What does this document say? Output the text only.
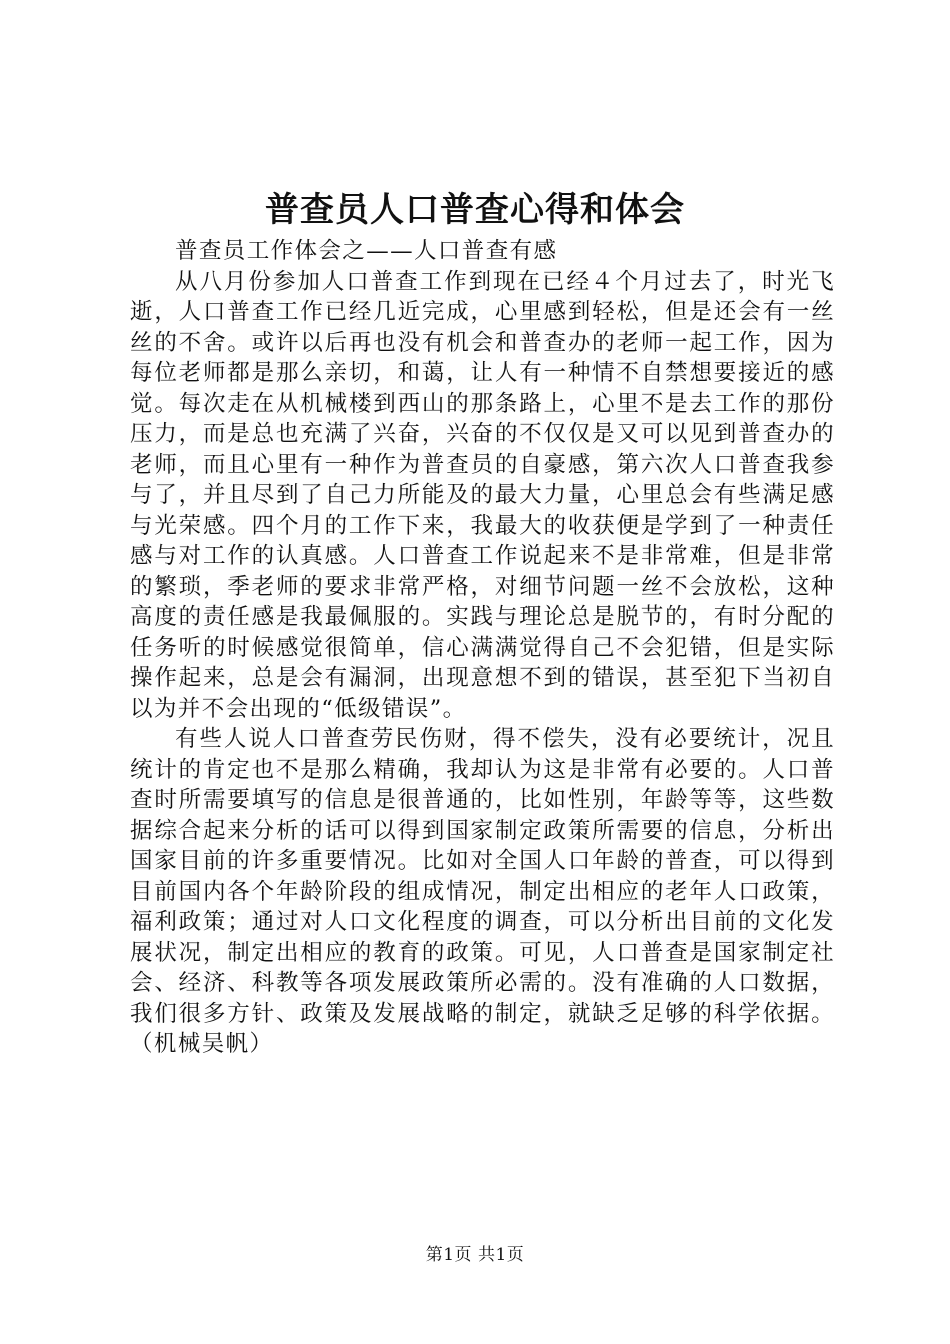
普查员人口普查心得和体会

普查员工作体会之——人口普查有感

从八月份参加人口普查工作到现在已经４个月过去了，时光飞逝，人口普查工作已经几近完成，心里感到轻松，但是还会有一丝丝的不舍。或许以后再也没有机会和普查办的老师一起工作，因为每位老师都是那么亲切，和蔼，让人有一种情不自禁想要接近的感觉。每次走在从机械楼到西山的那条路上，心里不是去工作的那份压力，而是总也充满了兴奋，兴奋的不仅仅是又可以见到普查办的老师，而且心里有一种作为普查员的自豪感，第六次人口普查我参与了，并且尽到了自己力所能及的最大力量，心里总会有些满足感与光荣感。四个月的工作下来，我最大的收获便是学到了一种责任感与对工作的认真感。人口普查工作说起来不是非常难，但是非常的繁琐，季老师的要求非常严格，对细节问题一丝不会放松，这种高度的责任感是我最佩服的。实践与理论总是脱节的，有时分配的任务听的时候感觉很简单，信心满满觉得自己不会犯错，但是实际操作起来，总是会有漏洞，出现意想不到的错误，甚至犯下当初自以为并不会出现的“低级错误”。

有些人说人口普查劳民伤财，得不偿失，没有必要统计，况且统计的肯定也不是那么精确，我却认为这是非常有必要的。人口普查时所需要填写的信息是很普通的，比如性别，年龄等等，这些数据综合起来分析的话可以得到国家制定政策所需要的信息，分析出国家目前的许多重要情况。比如对全国人口年龄的普查，可以得到目前国内各个年龄阶段的组成情况，制定出相应的老年人口政策，福利政策；通过对人口文化程度的调查，可以分析出目前的文化发展状况，制定出相应的教育的政策。可见，人口普查是国家制定社会、经济、科教等各项发展政策所必需的。没有准确的人口数据，我们很多方针、政策及发展战略的制定，就缺乏足够的科学依据。（机械吴帆）

第1页 共1页
